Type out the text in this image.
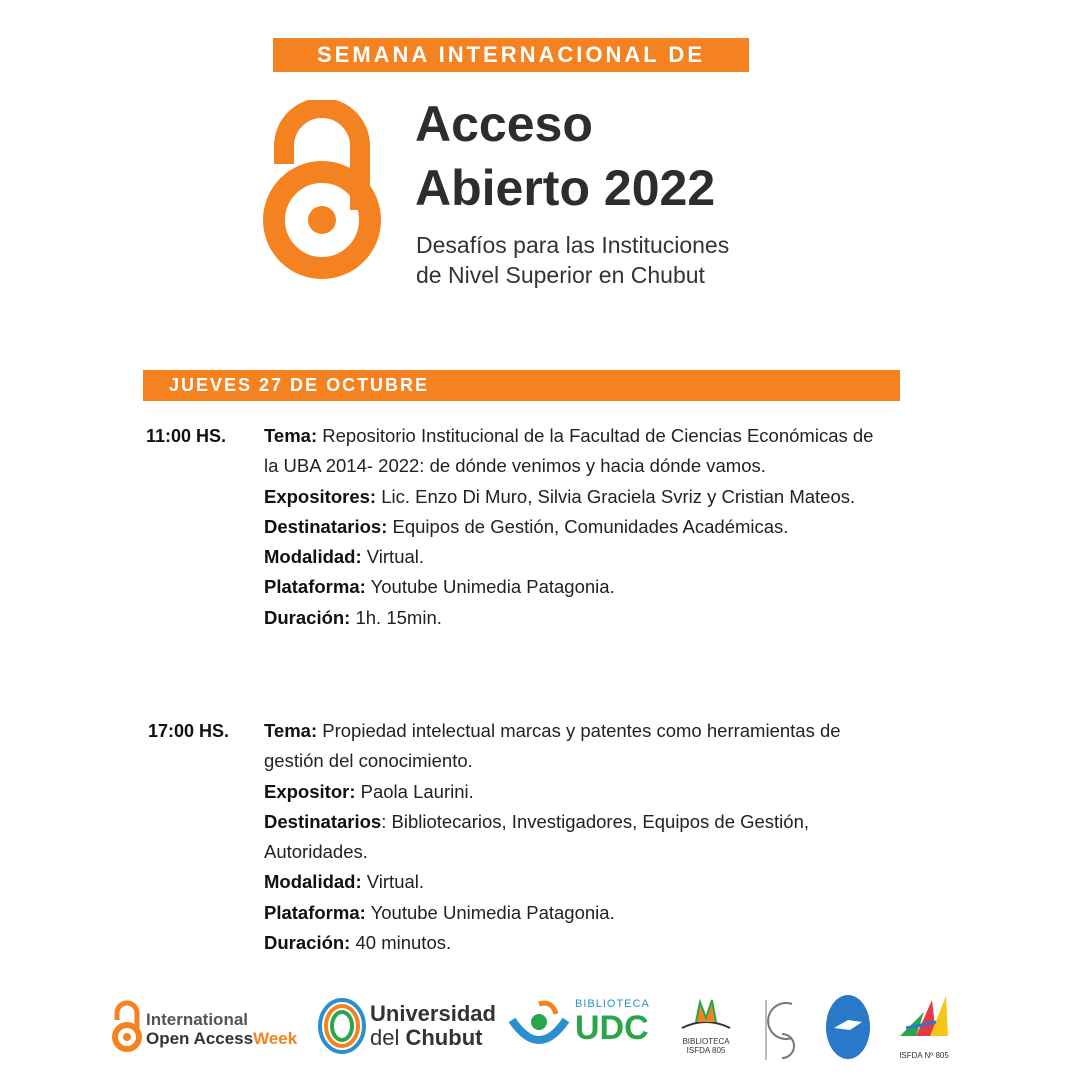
SEMANA INTERNACIONAL DE
Acceso
Abierto 2022
Desafíos para las Instituciones
de Nivel Superior en Chubut
JUEVES 27 DE OCTUBRE
11:00 HS. Tema: Repositorio Institucional de la Facultad de Ciencias Económicas de la UBA 2014- 2022: de dónde venimos y hacia dónde vamos.
Expositores: Lic. Enzo Di Muro, Silvia Graciela Svriz y Cristian Mateos.
Destinatarios: Equipos de Gestión, Comunidades Académicas.
Modalidad: Virtual.
Plataforma: Youtube Unimedia Patagonia.
Duración: 1h. 15min.
17:00 HS. Tema: Propiedad intelectual marcas y patentes como herramientas de gestión del conocimiento.
Expositor: Paola Laurini.
Destinatarios: Bibliotecarios, Investigadores, Equipos de Gestión, Autoridades.
Modalidad: Virtual.
Plataforma: Youtube Unimedia Patagonia.
Duración: 40 minutos.
International
Open AccessWeek
Universidad
del Chubut
BIBLIOTECA
UDC	BIBLIOTECA
ISFDA 805
ISFDA Nº 805
